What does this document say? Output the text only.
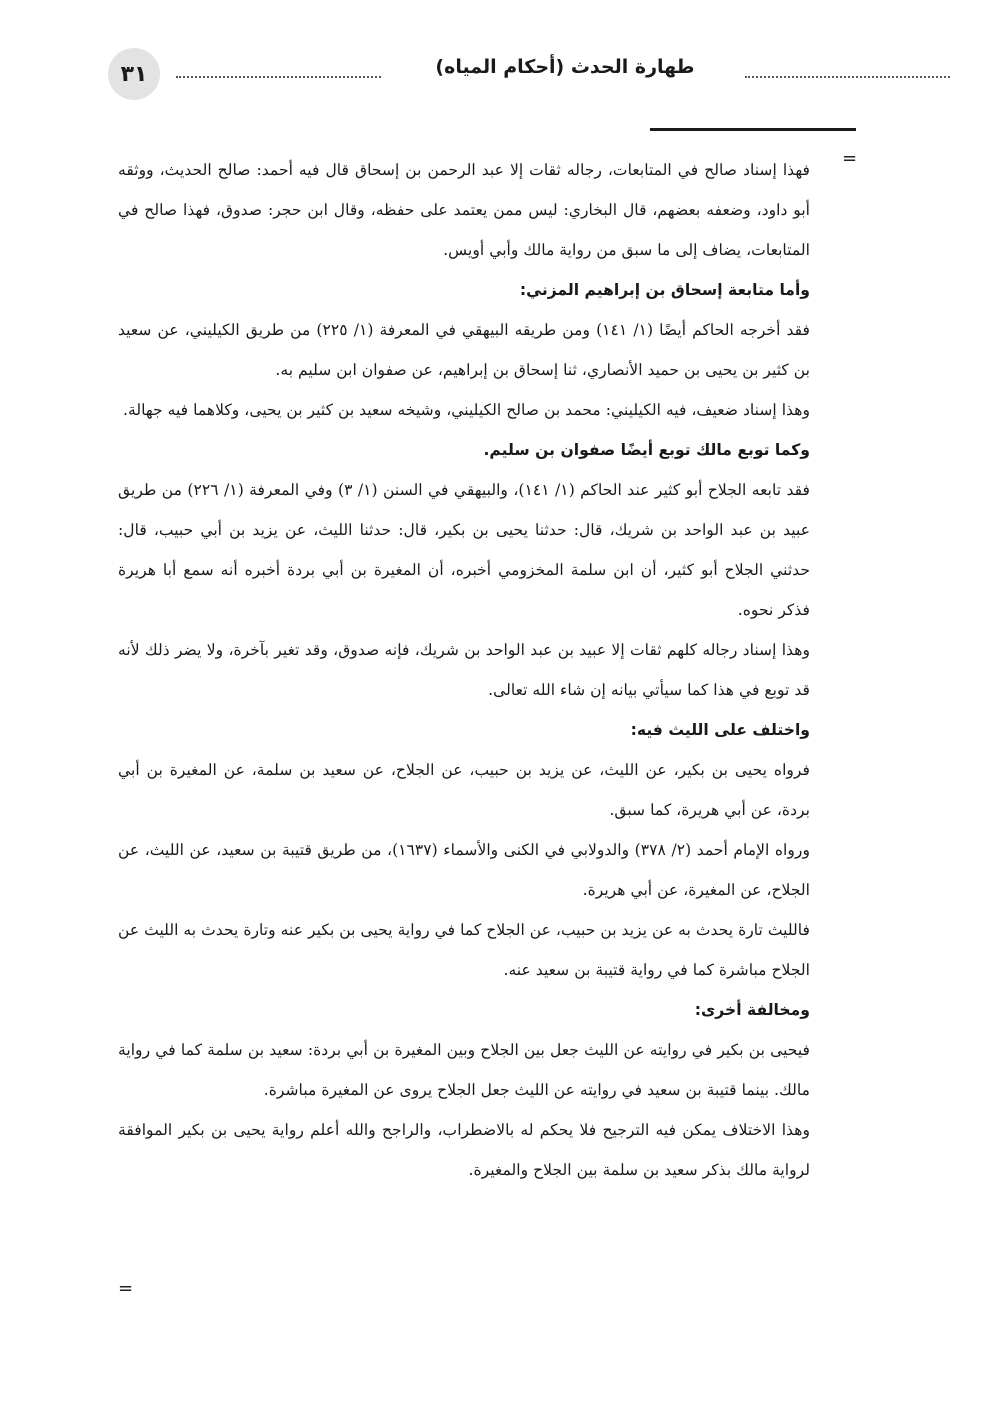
٣١	طهارة الحدث (أحكام المياه)
=

فهذا إسناد صالح في المتابعات، رجاله ثقات إلا عبد الرحمن بن إسحاق قال فيه أحمد: صالح الحديث، ووثقه أبو داود، وضعفه بعضهم، قال البخاري: ليس ممن يعتمد على حفظه، وقال ابن حجر: صدوق، فهذا صالح في المتابعات، يضاف إلى ما سبق من رواية مالك وأبي أويس.

وأما متابعة إسحاق بن إبراهيم المزني:

فقد أخرجه الحاكم أيضًا (١/ ١٤١) ومن طريقه البيهقي في المعرفة (١/ ٢٢٥) من طريق الكيليني، عن سعيد بن كثير بن يحيى بن حميد الأنصاري، ثنا إسحاق بن إبراهيم، عن صفوان ابن سليم به.

وهذا إسناد ضعيف، فيه الكيليني: محمد بن صالح الكيليني، وشيخه سعيد بن كثير بن يحيى، وكلاهما فيه جهالة.

وكما توبع مالك توبع أيضًا صفوان بن سليم.

فقد تابعه الجلاح أبو كثير عند الحاكم (١/ ١٤١)، والبيهقي في السنن (١/ ٣) وفي المعرفة (١/ ٢٢٦) من طريق عبيد بن عبد الواحد بن شريك، قال: حدثنا يحيى بن بكير، قال: حدثنا الليث، عن يزيد بن أبي حبيب، قال: حدثني الجلاح أبو كثير، أن ابن سلمة المخزومي أخبره، أن المغيرة بن أبي بردة أخبره أنه سمع أبا هريرة فذكر نحوه.

وهذا إسناد رجاله كلهم ثقات إلا عبيد بن عبد الواحد بن شريك، فإنه صدوق، وقد تغير بآخرة، ولا يضر ذلك لأنه قد توبع في هذا كما سيأتي بيانه إن شاء الله تعالى.

واختلف على الليث فيه:

فرواه يحيى بن بكير، عن الليث، عن يزيد بن حبيب، عن الجلاح، عن سعيد بن سلمة، عن المغيرة بن أبي بردة، عن أبي هريرة، كما سبق.

ورواه الإمام أحمد (٢/ ٣٧٨) والدولابي في الكنى والأسماء (١٦٣٧)، من طريق قتيبة بن سعيد، عن الليث، عن الجلاح، عن المغيرة، عن أبي هريرة.

فالليث تارة يحدث به عن يزيد بن حبيب، عن الجلاح كما في رواية يحيى بن بكير عنه وتارة يحدث به الليث عن الجلاح مباشرة كما في رواية قتيبة بن سعيد عنه.

ومخالفة أخرى:

فيحيى بن بكير في روايته عن الليث جعل بين الجلاح وبين المغيرة بن أبي بردة: سعيد بن سلمة كما في رواية مالك. بينما قتيبة بن سعيد في روايته عن الليث جعل الجلاح يروى عن المغيرة مباشرة.

وهذا الاختلاف يمكن فيه الترجيح فلا يحكم له بالاضطراب، والراجح والله أعلم رواية يحيى بن بكير الموافقة لرواية مالك بذكر سعيد بن سلمة بين الجلاح والمغيرة.

=
